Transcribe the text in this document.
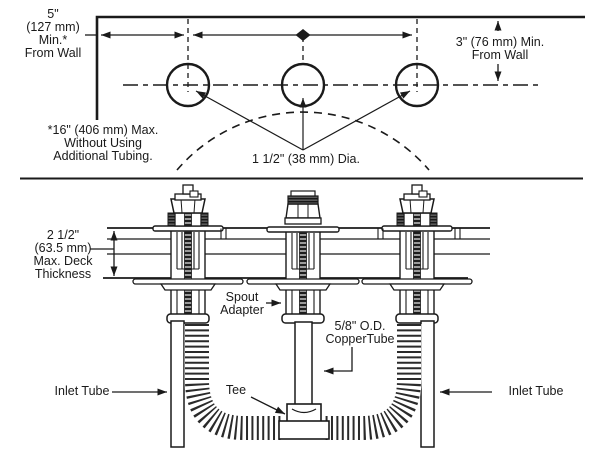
5"
(127 mm)
Min.*
From Wall
3" (76 mm) Min.
From Wall
*16" (406 mm) Max.
Without Using
Additional Tubing.	1 1/2" (38 mm) Dia.
2 1/2"
(63.5 mm)
Max. Deck
Thickness
Spout
Adapter
5/8" O.D.
CopperTube
Tee
Inlet Tube	Inlet Tube
